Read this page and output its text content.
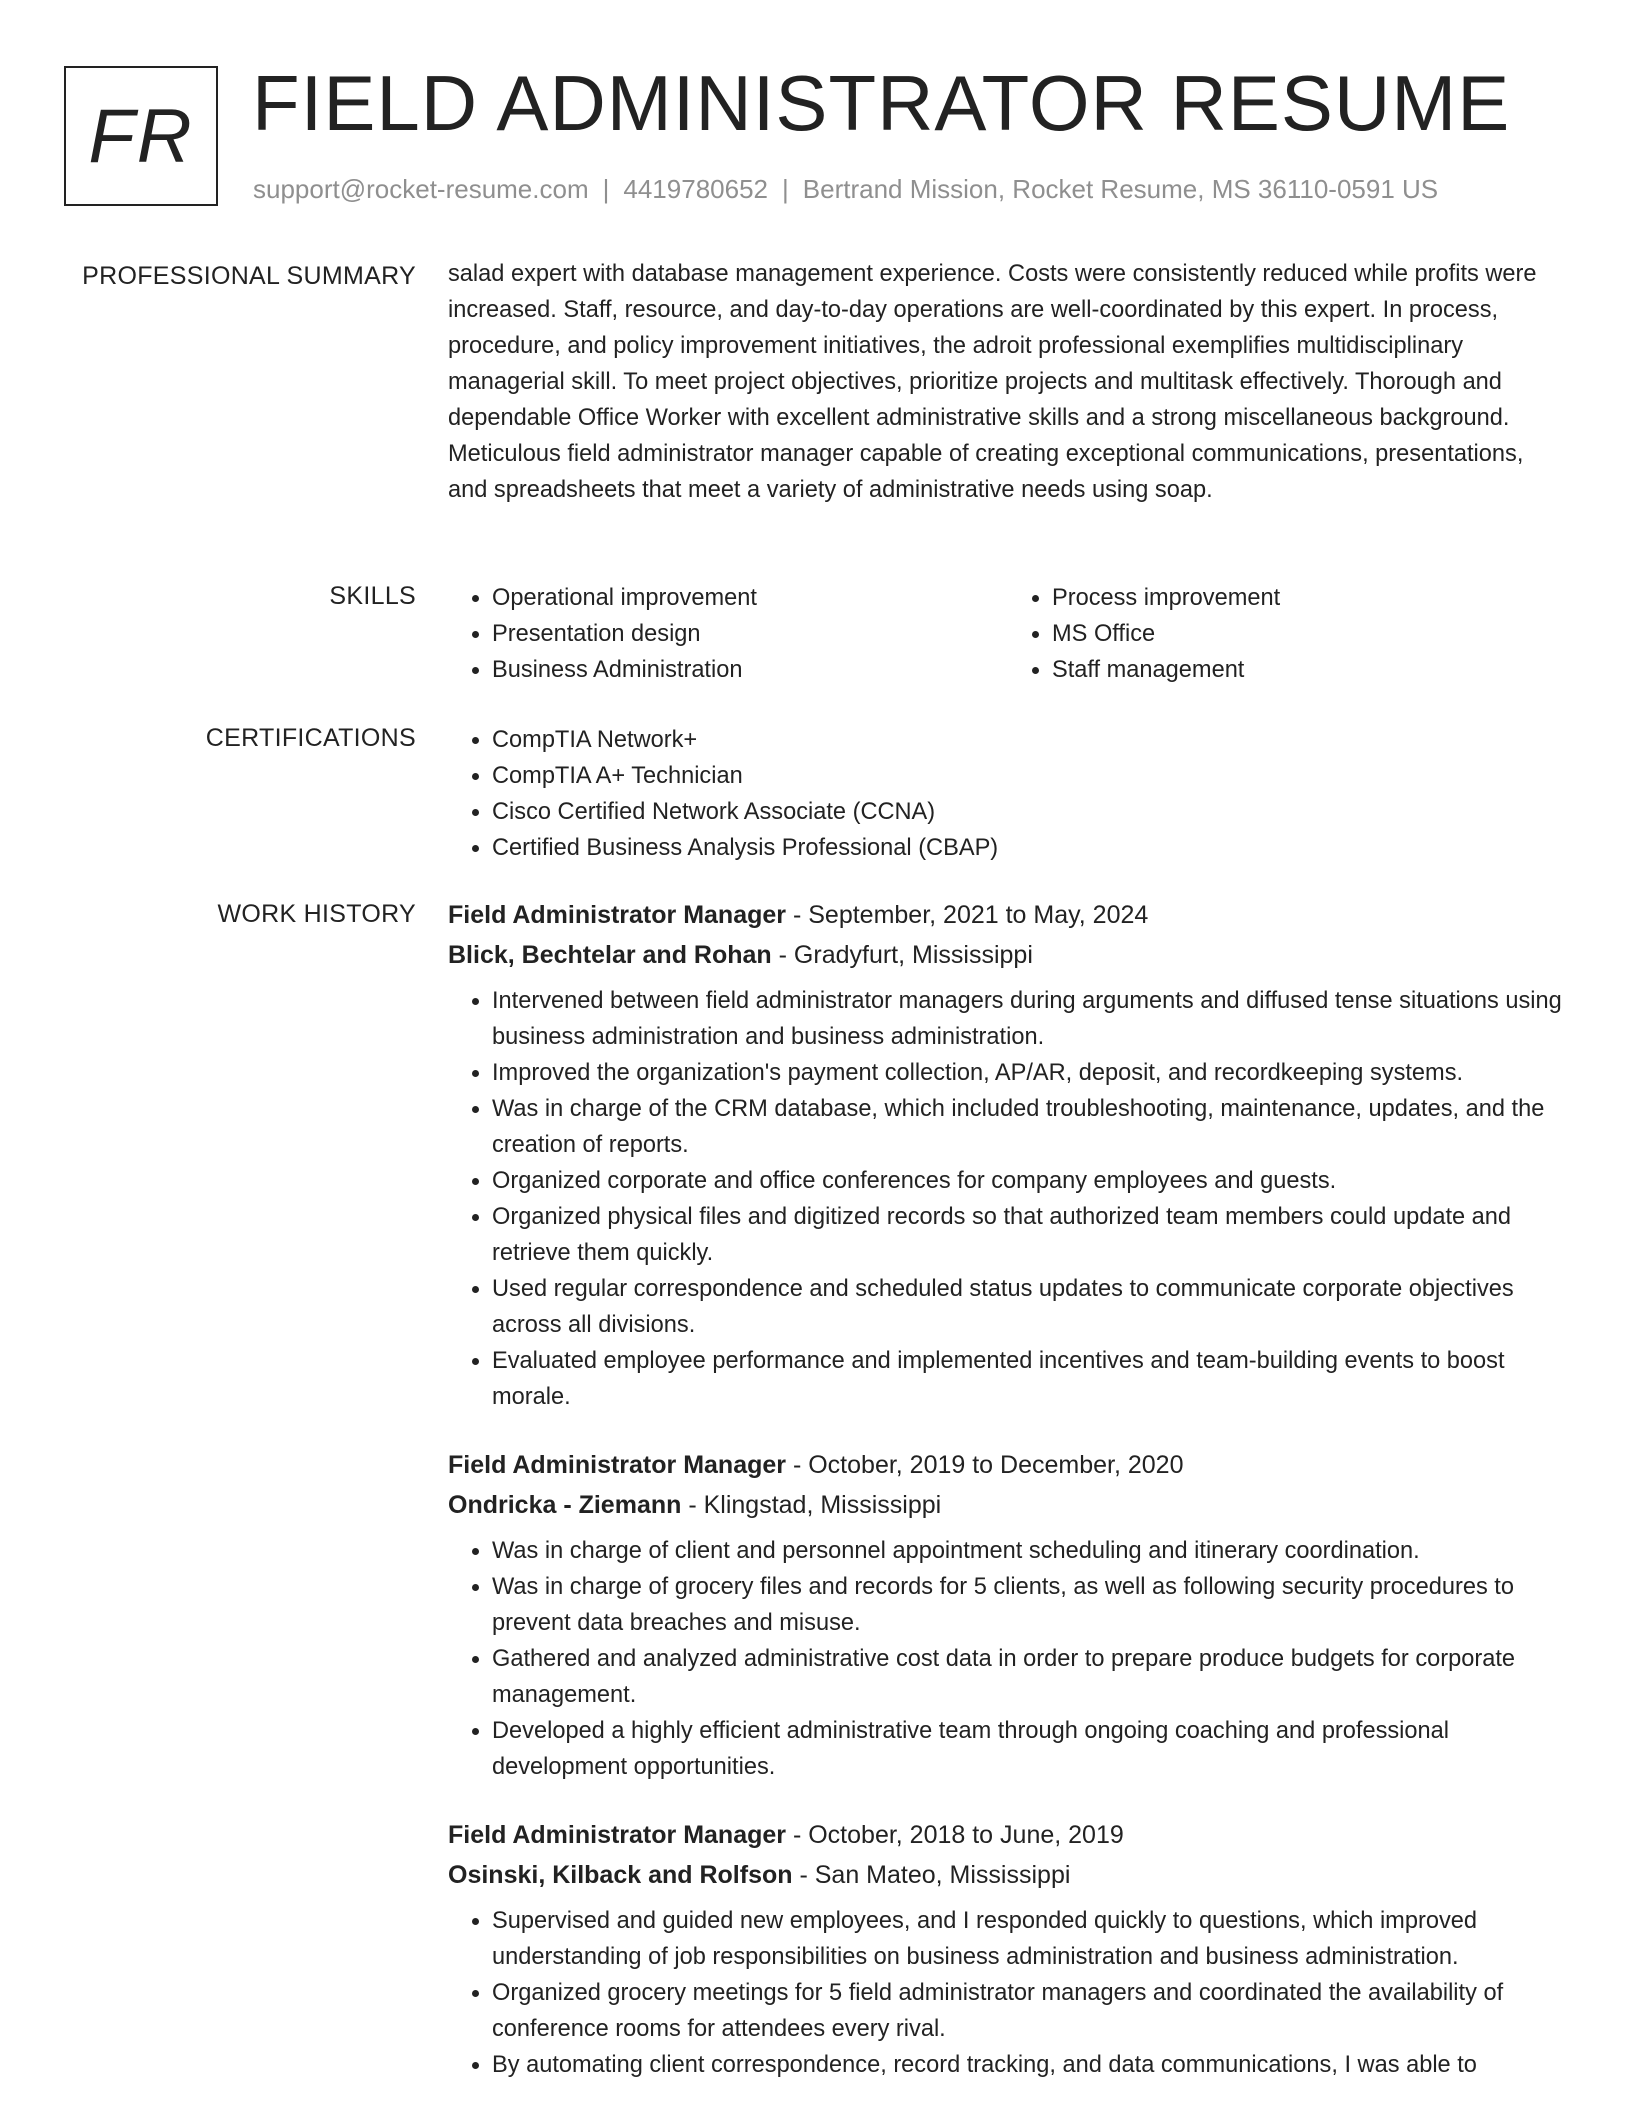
FR FIELD ADMINISTRATOR RESUME
support@rocket-resume.com | 4419780652 | Bertrand Mission, Rocket Resume, MS 36110-0591 US
PROFESSIONAL SUMMARY salad expert with database management experience. Costs were consistently reduced while profits were increased. Staff, resource, and day-to-day operations are well-coordinated by this expert. In process, procedure, and policy improvement initiatives, the adroit professional exemplifies multidisciplinary managerial skill. To meet project objectives, prioritize projects and multitask effectively. Thorough and dependable Office Worker with excellent administrative skills and a strong miscellaneous background. Meticulous field administrator manager capable of creating exceptional communications, presentations, and spreadsheets that meet a variety of administrative needs using soap.

SKILLS	• Operational improvement
• Presentation design
• Business Administration
• Process improvement
• MS Office
• Staff management
CERTIFICATIONS	• CompTIA Network+
• CompTIA A+ Technician
• Cisco Certified Network Associate (CCNA)
• Certified Business Analysis Professional (CBAP)
WORK HISTORY Field Administrator Manager - September, 2021 to May, 2024

Blick, Bechtelar and Rohan - Gradyfurt, Mississippi

• Intervened between field administrator managers during arguments and diffused tense situations using business administration and business administration.
• Improved the organization's payment collection, AP/AR, deposit, and recordkeeping systems.
• Was in charge of the CRM database, which included troubleshooting, maintenance, updates, and the creation of reports.
• Organized corporate and office conferences for company employees and guests.
• Organized physical files and digitized records so that authorized team members could update and retrieve them quickly.
• Used regular correspondence and scheduled status updates to communicate corporate objectives across all divisions.
• Evaluated employee performance and implemented incentives and team-building events to boost morale.

Field Administrator Manager - October, 2019 to December, 2020

Ondricka - Ziemann - Klingstad, Mississippi

• Was in charge of client and personnel appointment scheduling and itinerary coordination.
• Was in charge of grocery files and records for 5 clients, as well as following security procedures to prevent data breaches and misuse.
• Gathered and analyzed administrative cost data in order to prepare produce budgets for corporate management.
• Developed a highly efficient administrative team through ongoing coaching and professional development opportunities.

Field Administrator Manager - October, 2018 to June, 2019

Osinski, Kilback and Rolfson - San Mateo, Mississippi

• Supervised and guided new employees, and I responded quickly to questions, which improved understanding of job responsibilities on business administration and business administration.
• Organized grocery meetings for 5 field administrator managers and coordinated the availability of conference rooms for attendees every rival.
• By automating client correspondence, record tracking, and data communications, I was able to
